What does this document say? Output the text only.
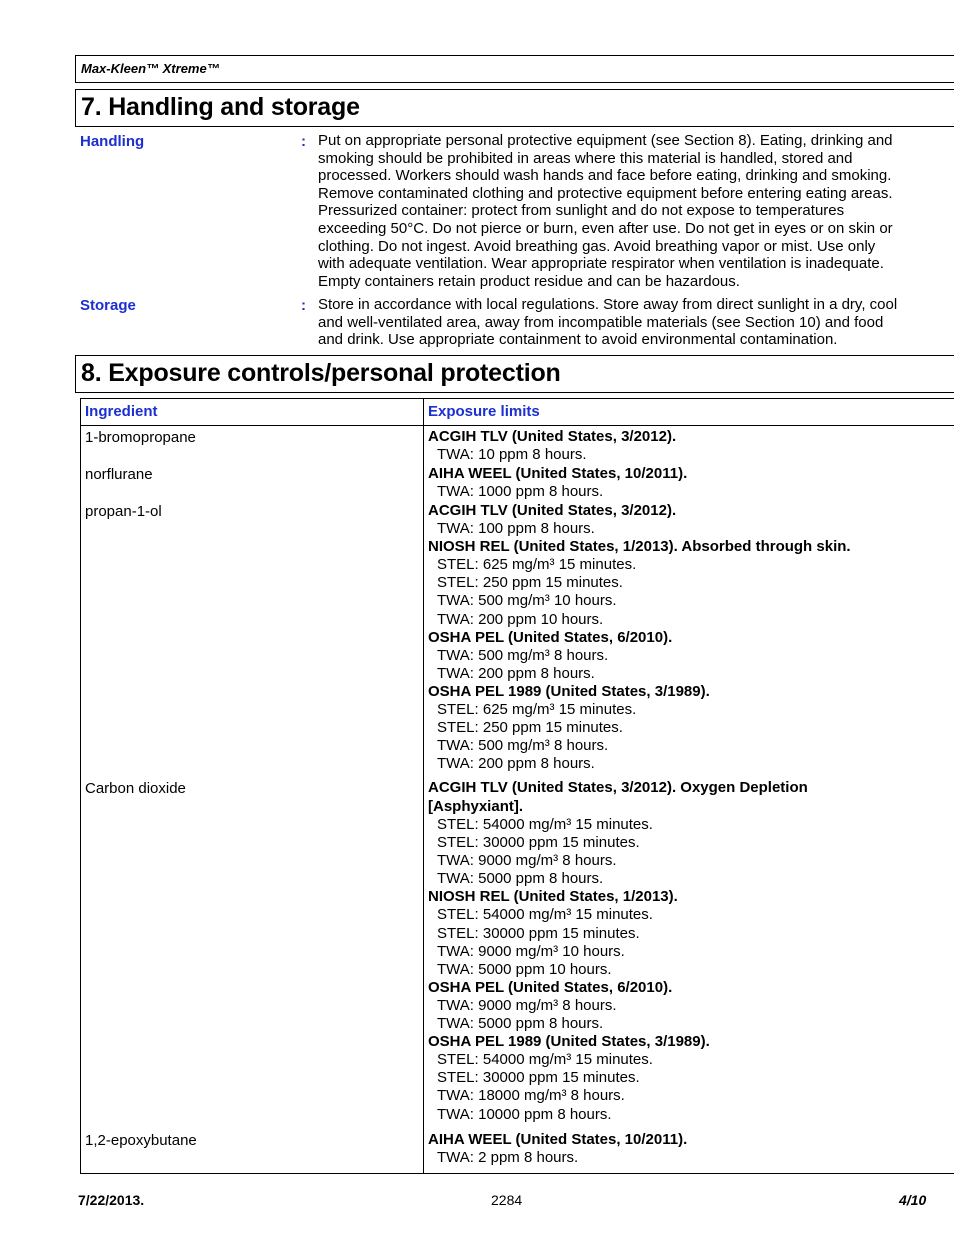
Max-Kleen™ Xtreme™
7. Handling and storage
Handling	: Put on appropriate personal protective equipment (see Section 8). Eating, drinking and
smoking should be prohibited in areas where this material is handled, stored and
processed. Workers should wash hands and face before eating, drinking and smoking.
Remove contaminated clothing and protective equipment before entering eating areas.
Pressurized container: protect from sunlight and do not expose to temperatures
exceeding 50°C. Do not pierce or burn, even after use. Do not get in eyes or on skin or
clothing. Do not ingest. Avoid breathing gas. Avoid breathing vapor or mist. Use only
with adequate ventilation. Wear appropriate respirator when ventilation is inadequate.
Empty containers retain product residue and can be hazardous.
Storage	: Store in accordance with local regulations. Store away from direct sunlight in a dry, cool
and well-ventilated area, away from incompatible materials (see Section 10) and food
and drink. Use appropriate containment to avoid environmental contamination.
8. Exposure controls/personal protection
Ingredient	Exposure limits
1-bromopropane	ACGIH TLV (United States, 3/2012).
TWA: 10 ppm 8 hours.
norflurane	AIHA WEEL (United States, 10/2011).
TWA: 1000 ppm 8 hours.
propan-1-ol	ACGIH TLV (United States, 3/2012).
TWA: 100 ppm 8 hours.
NIOSH REL (United States, 1/2013). Absorbed through skin.
STEL: 625 mg/m³ 15 minutes.
STEL: 250 ppm 15 minutes.
TWA: 500 mg/m³ 10 hours.
TWA: 200 ppm 10 hours.
OSHA PEL (United States, 6/2010).
TWA: 500 mg/m³ 8 hours.
TWA: 200 ppm 8 hours.
OSHA PEL 1989 (United States, 3/1989).
STEL: 625 mg/m³ 15 minutes.
STEL: 250 ppm 15 minutes.
TWA: 500 mg/m³ 8 hours.
TWA: 200 ppm 8 hours.
Carbon dioxide	ACGIH TLV (United States, 3/2012). Oxygen Depletion
[Asphyxiant].
STEL: 54000 mg/m³ 15 minutes.
STEL: 30000 ppm 15 minutes.
TWA: 9000 mg/m³ 8 hours.
TWA: 5000 ppm 8 hours.
NIOSH REL (United States, 1/2013).
STEL: 54000 mg/m³ 15 minutes.
STEL: 30000 ppm 15 minutes.
TWA: 9000 mg/m³ 10 hours.
TWA: 5000 ppm 10 hours.
OSHA PEL (United States, 6/2010).
TWA: 9000 mg/m³ 8 hours.
TWA: 5000 ppm 8 hours.
OSHA PEL 1989 (United States, 3/1989).
STEL: 54000 mg/m³ 15 minutes.
STEL: 30000 ppm 15 minutes.
TWA: 18000 mg/m³ 8 hours.
TWA: 10000 ppm 8 hours.
1,2-epoxybutane	AIHA WEEL (United States, 10/2011).
TWA: 2 ppm 8 hours.
7/22/2013.	2284	4/10
